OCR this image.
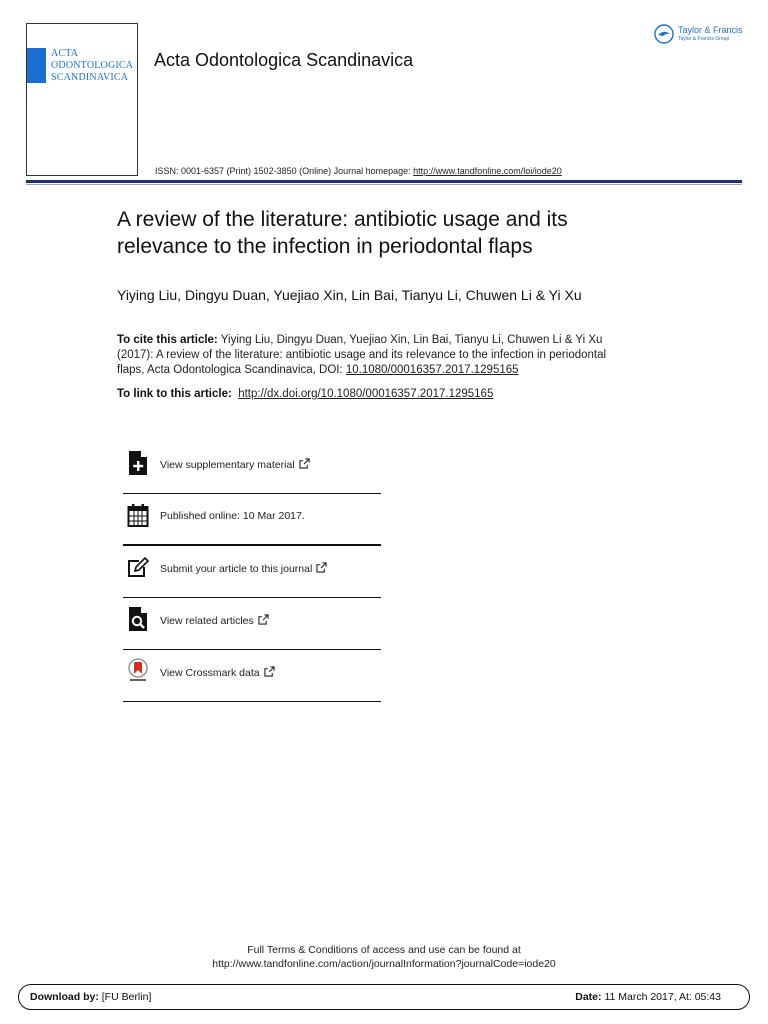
ACTA
ODONTOLOGICA
SCANDINAVICA
Acta Odontologica Scandinavica
Taylor & Francis
Taylor & Francis Group
ISSN: 0001-6357 (Print) 1502-3850 (Online) Journal homepage: http://www.tandfonline.com/loi/iode20
A review of the literature: antibiotic usage and its
relevance to the infection in periodontal flaps
Yiying Liu, Dingyu Duan, Yuejiao Xin, Lin Bai, Tianyu Li, Chuwen Li & Yi Xu
To cite this article: Yiying Liu, Dingyu Duan, Yuejiao Xin, Lin Bai, Tianyu Li, Chuwen Li & Yi Xu
(2017): A review of the literature: antibiotic usage and its relevance to the infection in periodontal
flaps, Acta Odontologica Scandinavica, DOI: 10.1080/00016357.2017.1295165
To link to this article: http://dx.doi.org/10.1080/00016357.2017.1295165
View supplementary material
Published online: 10 Mar 2017.
Submit your article to this journal
View related articles
View Crossmark data
Full Terms & Conditions of access and use can be found at
http://www.tandfonline.com/action/journalInformation?journalCode=iode20
Download by: [FU Berlin]	Date: 11 March 2017, At: 05:43
